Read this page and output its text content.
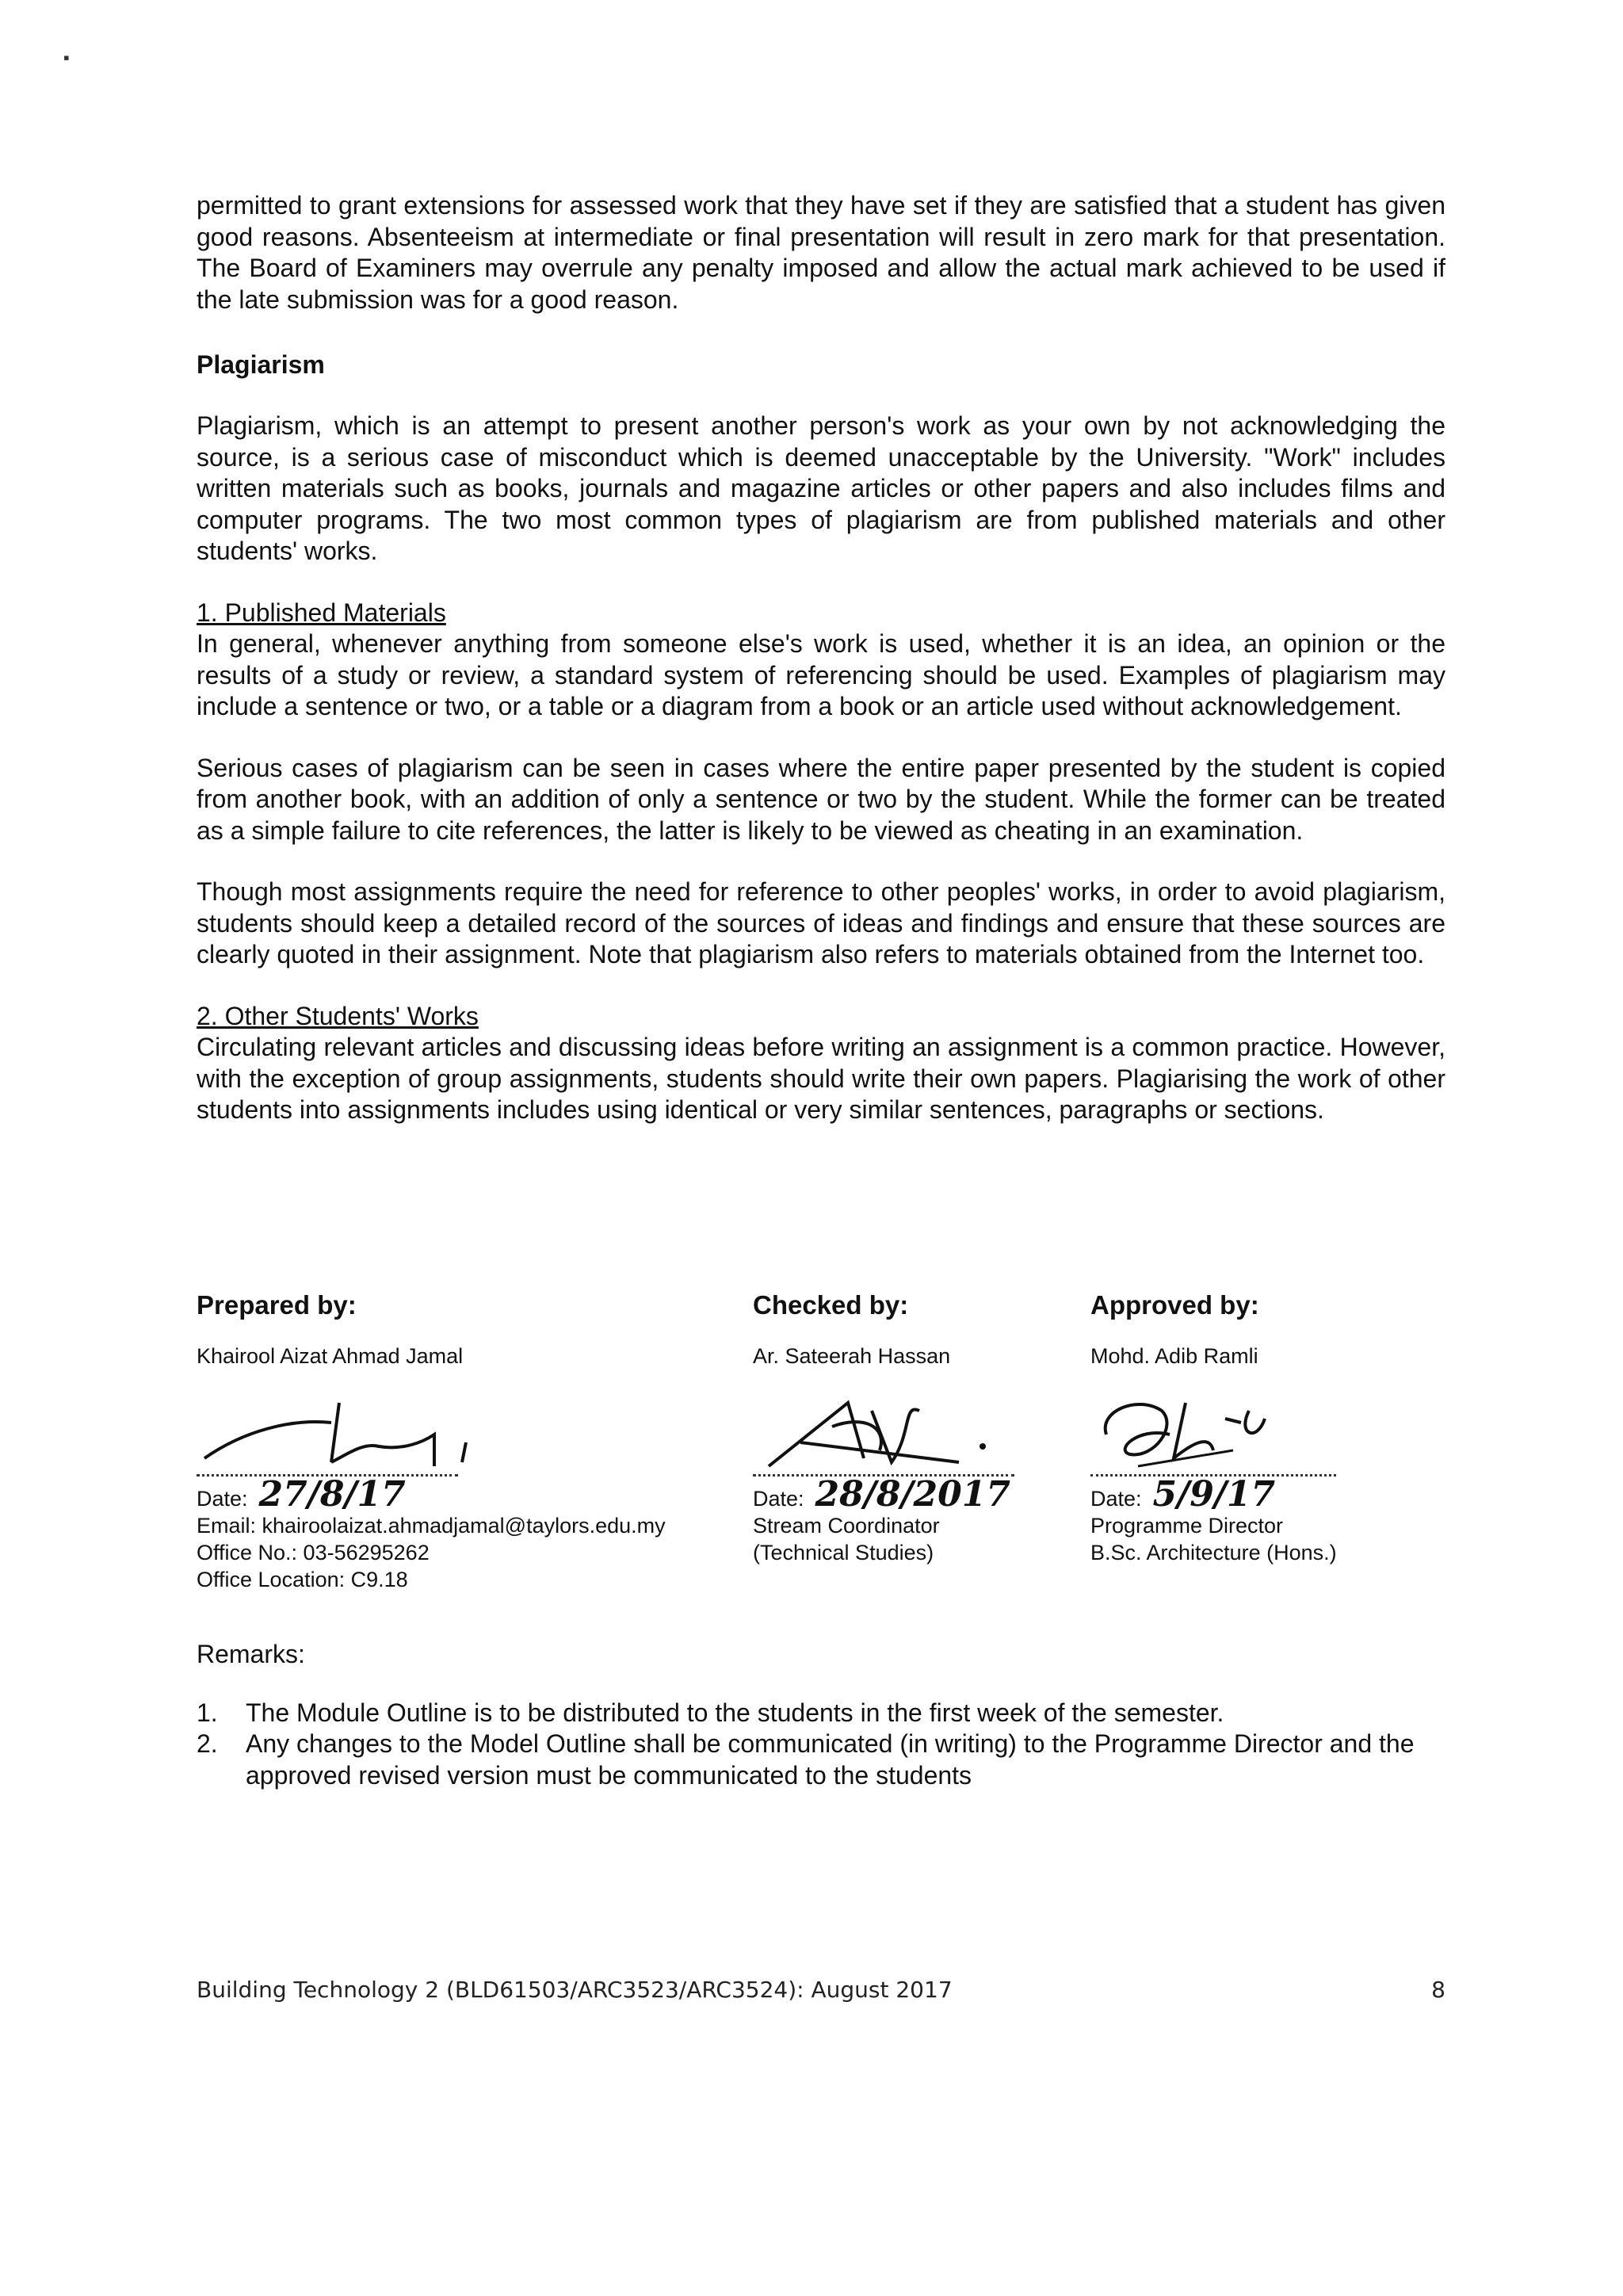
▪

permitted to grant extensions for assessed work that they have set if they are satisfied that a student has given good reasons. Absenteeism at intermediate or final presentation will result in zero mark for that presentation. The Board of Examiners may overrule any penalty imposed and allow the actual mark achieved to be used if the late submission was for a good reason.

Plagiarism

Plagiarism, which is an attempt to present another person's work as your own by not acknowledging the source, is a serious case of misconduct which is deemed unacceptable by the University. "Work" includes written materials such as books, journals and magazine articles or other papers and also includes films and computer programs. The two most common types of plagiarism are from published materials and other students' works.

1. Published Materials

In general, whenever anything from someone else's work is used, whether it is an idea, an opinion or the results of a study or review, a standard system of referencing should be used. Examples of plagiarism may include a sentence or two, or a table or a diagram from a book or an article used without acknowledgement.

Serious cases of plagiarism can be seen in cases where the entire paper presented by the student is copied from another book, with an addition of only a sentence or two by the student. While the former can be treated as a simple failure to cite references, the latter is likely to be viewed as cheating in an examination.

Though most assignments require the need for reference to other peoples' works, in order to avoid plagiarism, students should keep a detailed record of the sources of ideas and findings and ensure that these sources are clearly quoted in their assignment. Note that plagiarism also refers to materials obtained from the Internet too.

2. Other Students' Works

Circulating relevant articles and discussing ideas before writing an assignment is a common practice. However, with the exception of group assignments, students should write their own papers. Plagiarising the work of other students into assignments includes using identical or very similar sentences, paragraphs or sections.

Prepared by:
Khairool Aizat Ahmad Jamal
Date: 27/8/17
Email: khairoolaizat.ahmadjamal@taylors.edu.my
Office No.: 03-56295262
Office Location: C9.18
Checked by:
Ar. Sateerah Hassan
Date: 28/8/2017
Stream Coordinator
(Technical Studies)
Approved by:
Mohd. Adib Ramli
Date: 5/9/17
Programme Director
B.Sc. Architecture (Hons.)
Remarks:
1.	The Module Outline is to be distributed to the students in the first week of the semester.
2.	Any changes to the Model Outline shall be communicated (in writing) to the Programme Director and the approved revised version must be communicated to the students
Building Technology 2 (BLD61503/ARC3523/ARC3524): August 2017	8
